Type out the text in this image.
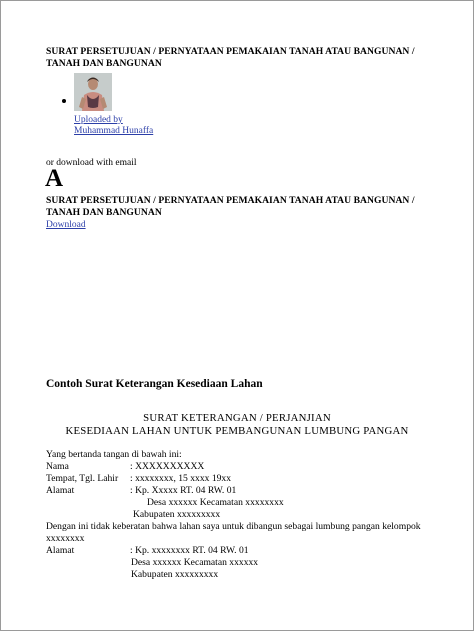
SURAT PERSETUJUAN / PERNYATAAN PEMAKAIAN TANAH ATAU BANGUNAN /
TANAH DAN BANGUNAN
Uploaded by
Muhammad Hunaffa
or download with email
A
SURAT PERSETUJUAN / PERNYATAAN PEMAKAIAN TANAH ATAU BANGUNAN /
TANAH DAN BANGUNAN
Download
Contoh Surat Keterangan Kesediaan Lahan
SURAT KETERANGAN / PERJANJIAN
KESEDIAAN LAHAN UNTUK PEMBANGUNAN LUMBUNG PANGAN
Yang bertanda tangan di bawah ini:
Nama	: XXXXXXXXXX
Tempat, Tgl. Lahir : xxxxxxxx, 15 xxxx 19xx
Alamat	: Kp. Xxxxx RT. 04 RW. 01
Desa xxxxxx Kecamatan xxxxxxxx
Kabupaten xxxxxxxxx
Dengan ini tidak keberatan bahwa lahan saya untuk dibangun sebagai lumbung pangan kelompok
xxxxxxxx
Alamat	: Kp. xxxxxxxx RT. 04 RW. 01
Desa xxxxxx Kecamatan xxxxxx
Kabupaten xxxxxxxxx
